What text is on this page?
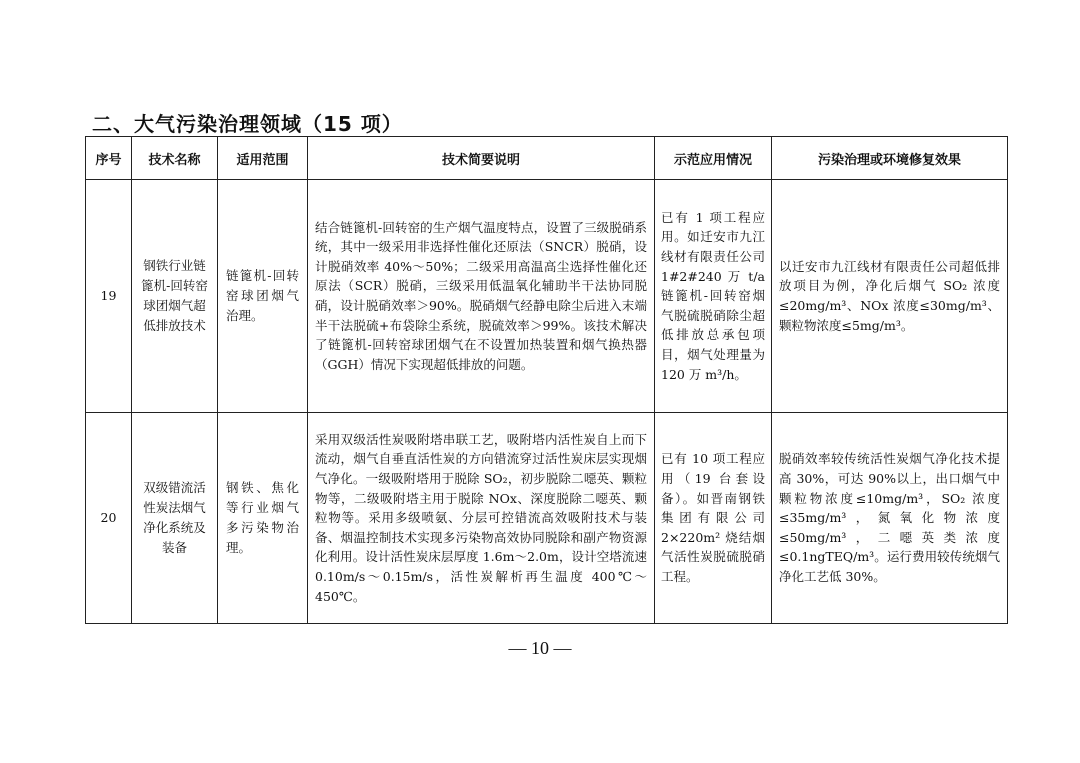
二、大气污染治理领域（15 项）
序号	技术名称	适用范围	技术简要说明	示范应用情况	污染治理或环境修复效果
19	钢铁行业链篦机-回转窑球团烟气超低排放技术	链篦机-回转窑球团烟气治理。	结合链篦机-回转窑的生产烟气温度特点，设置了三级脱硝系统，其中一级采用非选择性催化还原法（SNCR）脱硝，设计脱硝效率 40%～50%；二级采用高温高尘选择性催化还原法（SCR）脱硝，三级采用低温氧化辅助半干法协同脱硝，设计脱硝效率＞90%。脱硝烟气经静电除尘后进入末端半干法脱硫+布袋除尘系统，脱硫效率＞99%。该技术解决了链篦机-回转窑球团烟气在不设置加热装置和烟气换热器（GGH）情况下实现超低排放的问题。	已有 1 项工程应用。如迁安市九江线材有限责任公司 1#2#240 万 t/a 链篦机-回转窑烟气脱硫脱硝除尘超低排放总承包项目，烟气处理量为 120 万 m³/h。	以迁安市九江线材有限责任公司超低排放项目为例，净化后烟气 SO₂ 浓度≤20mg/m³、NOx 浓度≤30mg/m³、颗粒物浓度≤5mg/m³。
20	双级错流活性炭法烟气净化系统及装备	钢铁、焦化等行业烟气多污染物治理。	采用双级活性炭吸附塔串联工艺，吸附塔内活性炭自上而下流动，烟气自垂直活性炭的方向错流穿过活性炭床层实现烟气净化。一级吸附塔用于脱除 SO₂，初步脱除二噁英、颗粒物等，二级吸附塔主用于脱除 NOx、深度脱除二噁英、颗粒物等。采用多级喷氨、分层可控错流高效吸附技术与装备、烟温控制技术实现多污染物高效协同脱除和副产物资源化利用。设计活性炭床层厚度 1.6m～2.0m，设计空塔流速 0.10m/s～0.15m/s，活性炭解析再生温度 400℃～450℃。	已有 10 项工程应用（19 台套设备）。如晋南钢铁集团有限公司 2×220m² 烧结烟气活性炭脱硫脱硝工程。	脱硝效率较传统活性炭烟气净化技术提高 30%，可达 90%以上，出口烟气中颗粒物浓度≤10mg/m³，SO₂ 浓度≤35mg/m³，氮氧化物浓度≤50mg/m³，二噁英类浓度≤0.1ngTEQ/m³。运行费用较传统烟气净化工艺低 30%。
— 10 —
